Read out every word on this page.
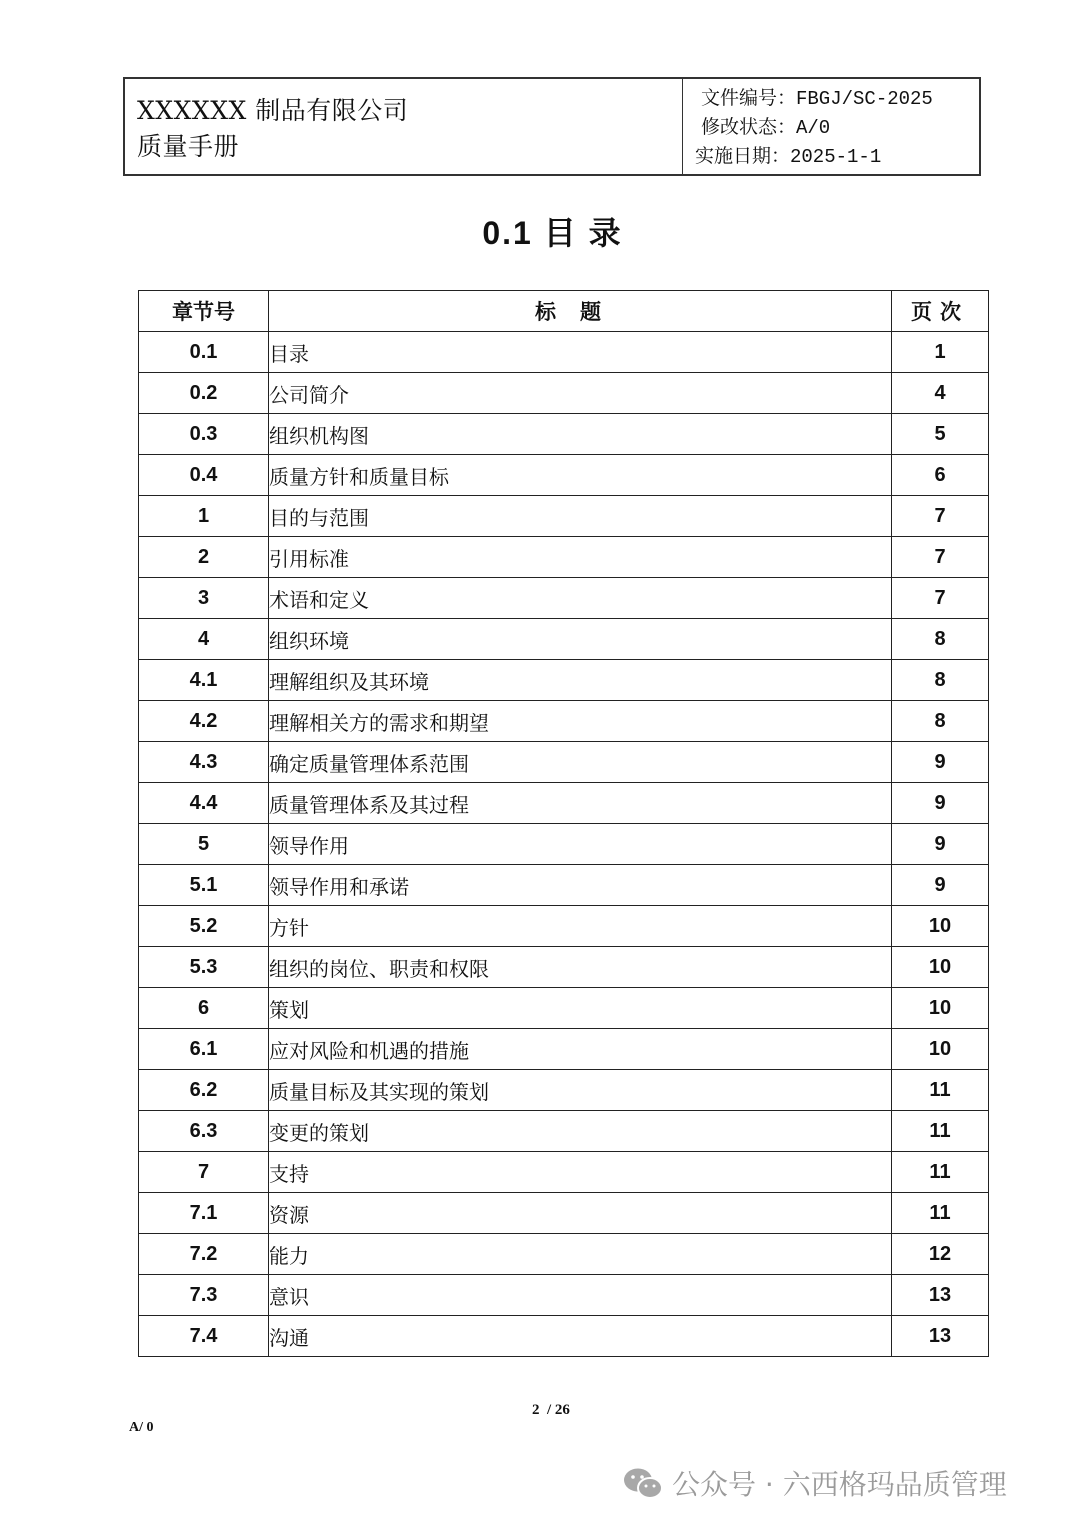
XXXXXX 制品有限公司
质量手册
文件编号：FBGJ/SC-2025
修改状态：A/0
实施日期：2025-1-1
0.1 目 录
章节号	标题	页次
0.1	目录	1
0.2	公司简介	4
0.3	组织机构图	5
0.4	质量方针和质量目标	6
1	目的与范围	7
2	引用标准	7
3	术语和定义	7
4	组织环境	8
4.1	理解组织及其环境	8
4.2	理解相关方的需求和期望	8
4.3	确定质量管理体系范围	9
4.4	质量管理体系及其过程	9
5	领导作用	9
5.1	领导作用和承诺	9
5.2	方针	10
5.3	组织的岗位、职责和权限	10
6	策划	10
6.1	应对风险和机遇的措施	10
6.2	质量目标及其实现的策划	11
6.3	变更的策划	11
7	支持	11
7.1	资源	11
7.2	能力	12
7.3	意识	13
7.4	沟通	13
2  / 26
A/ 0
公众号 · 六西格玛品质管理
